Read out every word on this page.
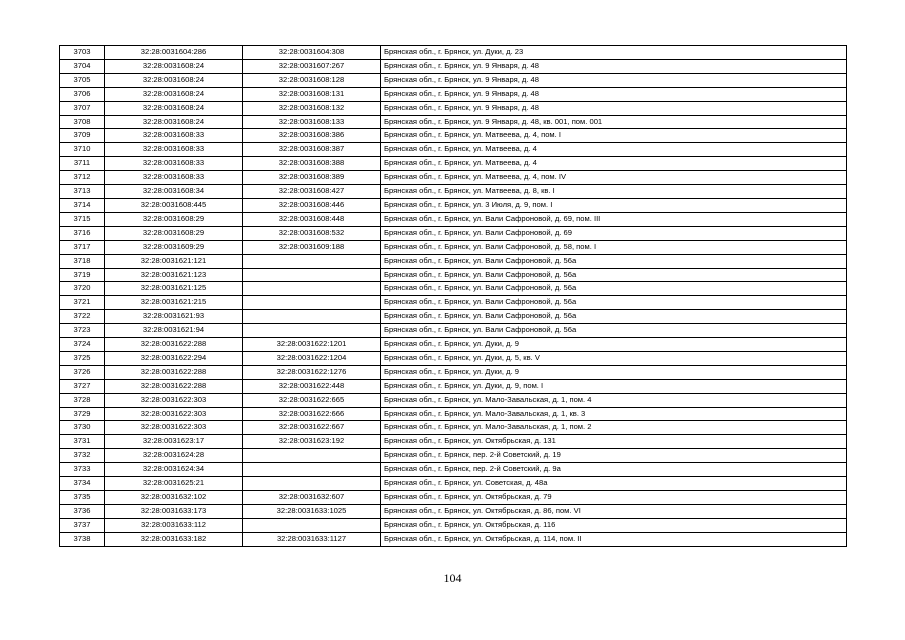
3703	32:28:0031604:286	32:28:0031604:308	Брянская обл., г. Брянск, ул. Дуки, д. 23
3704	32:28:0031608:24	32:28:0031607:267	Брянская обл., г. Брянск, ул. 9 Января, д. 48
3705	32:28:0031608:24	32:28:0031608:128	Брянская обл., г. Брянск, ул. 9 Января, д. 48
3706	32:28:0031608:24	32:28:0031608:131	Брянская обл., г. Брянск, ул. 9 Января, д. 48
3707	32:28:0031608:24	32:28:0031608:132	Брянская обл., г. Брянск, ул. 9 Января, д. 48
3708	32:28:0031608:24	32:28:0031608:133	Брянская обл., г. Брянск, ул. 9 Января, д. 48, кв. 001, пом. 001
3709	32:28:0031608:33	32:28:0031608:386	Брянская обл., г. Брянск, ул. Матвеева, д. 4, пом. I
3710	32:28:0031608:33	32:28:0031608:387	Брянская обл., г. Брянск, ул. Матвеева, д. 4
3711	32:28:0031608:33	32:28:0031608:388	Брянская обл., г. Брянск, ул. Матвеева, д. 4
3712	32:28:0031608:33	32:28:0031608:389	Брянская обл., г. Брянск, ул. Матвеева, д. 4, пом. IV
3713	32:28:0031608:34	32:28:0031608:427	Брянская обл., г. Брянск, ул. Матвеева, д. 8, кв. I
3714	32:28:0031608:445	32:28:0031608:446	Брянская обл., г. Брянск, ул. 3 Июля, д. 9, пом. I
3715	32:28:0031608:29	32:28:0031608:448	Брянская обл., г. Брянск, ул. Вали Сафроновой, д. 69, пом. III
3716	32:28:0031608:29	32:28:0031608:532	Брянская обл., г. Брянск, ул. Вали Сафроновой, д. 69
3717	32:28:0031609:29	32:28:0031609:188	Брянская обл., г. Брянск, ул. Вали Сафроновой, д. 58, пом. I
3718	32:28:0031621:121		Брянская обл., г. Брянск, ул. Вали Сафроновой, д. 56а
3719	32:28:0031621:123		Брянская обл., г. Брянск, ул. Вали Сафроновой, д. 56а
3720	32:28:0031621:125		Брянская обл., г. Брянск, ул. Вали Сафроновой, д. 56а
3721	32:28:0031621:215		Брянская обл., г. Брянск, ул. Вали Сафроновой, д. 56а
3722	32:28:0031621:93		Брянская обл., г. Брянск, ул. Вали Сафроновой, д. 56а
3723	32:28:0031621:94		Брянская обл., г. Брянск, ул. Вали Сафроновой, д. 56а
3724	32:28:0031622:288	32:28:0031622:1201	Брянская обл., г. Брянск, ул. Дуки, д. 9
3725	32:28:0031622:294	32:28:0031622:1204	Брянская обл., г. Брянск, ул. Дуки, д. 5, кв. V
3726	32:28:0031622:288	32:28:0031622:1276	Брянская обл., г. Брянск, ул. Дуки, д. 9
3727	32:28:0031622:288	32:28:0031622:448	Брянская обл., г. Брянск, ул. Дуки, д. 9, пом. I
3728	32:28:0031622:303	32:28:0031622:665	Брянская обл., г. Брянск, ул. Мало-Завальская, д. 1, пом. 4
3729	32:28:0031622:303	32:28:0031622:666	Брянская обл., г. Брянск, ул. Мало-Завальская, д. 1, кв. 3
3730	32:28:0031622:303	32:28:0031622:667	Брянская обл., г. Брянск, ул. Мало-Завальская, д. 1, пом. 2
3731	32:28:0031623:17	32:28:0031623:192	Брянская обл., г. Брянск, ул. Октябрьская, д. 131
3732	32:28:0031624:28		Брянская обл., г. Брянск, пер. 2-й Советский, д. 19
3733	32:28:0031624:34		Брянская обл., г. Брянск, пер. 2-й Советский, д. 9а
3734	32:28:0031625:21		Брянская обл., г. Брянск, ул. Советская, д. 48а
3735	32:28:0031632:102	32:28:0031632:607	Брянская обл., г. Брянск, ул. Октябрьская, д. 79
3736	32:28:0031633:173	32:28:0031633:1025	Брянская обл., г. Брянск, ул. Октябрьская, д. 86, пом. VI
3737	32:28:0031633:112		Брянская обл., г. Брянск, ул. Октябрьская, д. 116
3738	32:28:0031633:182	32:28:0031633:1127	Брянская обл., г. Брянск, ул. Октябрьская, д. 114, пом. II
104
